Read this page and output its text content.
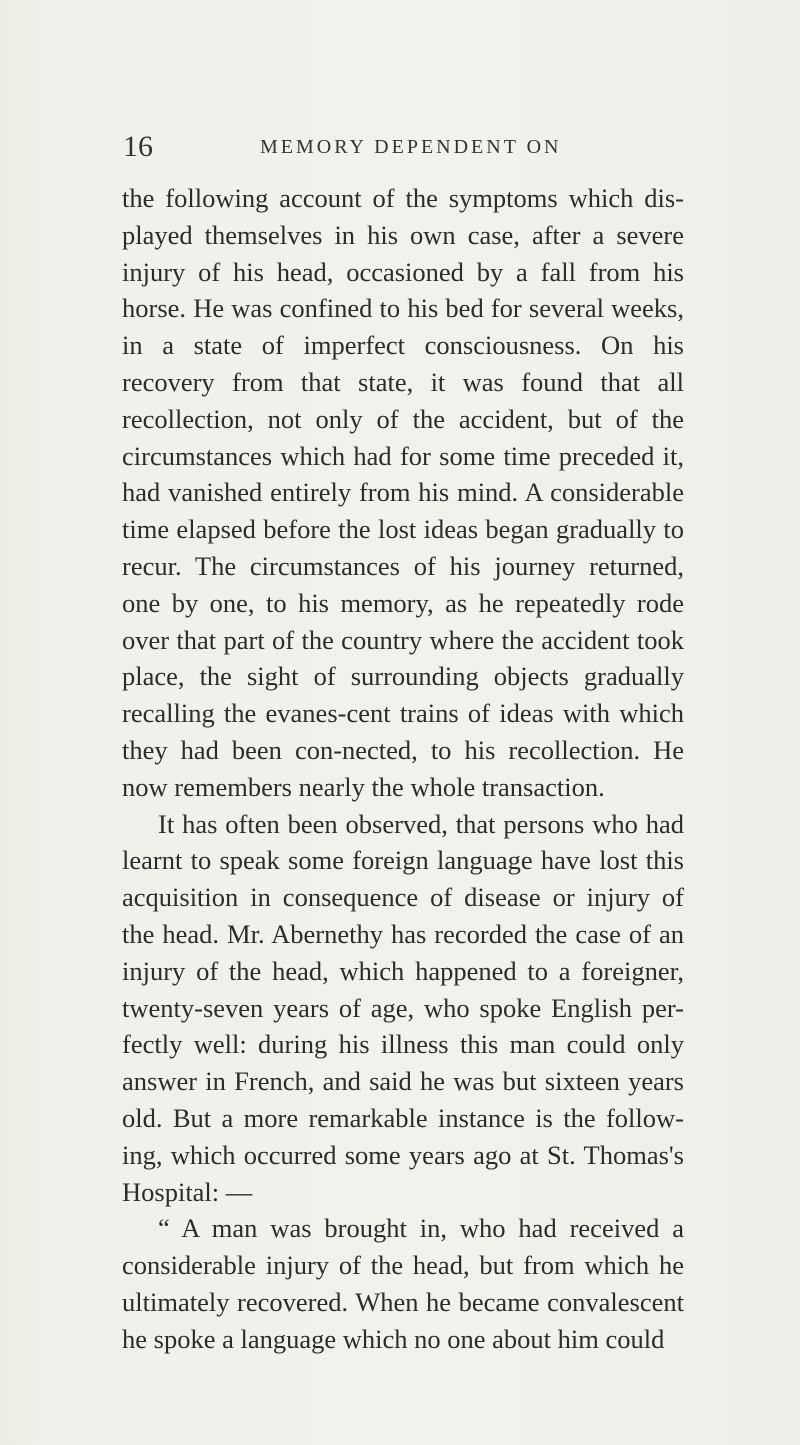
16	MEMORY DEPENDENT ON

the following account of the symptoms which dis-played themselves in his own case, after a severe injury of his head, occasioned by a fall from his horse. He was confined to his bed for several weeks, in a state of imperfect consciousness. On his recovery from that state, it was found that all recollection, not only of the accident, but of the circumstances which had for some time preceded it, had vanished entirely from his mind. A considerable time elapsed before the lost ideas began gradually to recur. The circumstances of his journey returned, one by one, to his memory, as he repeatedly rode over that part of the country where the accident took place, the sight of surrounding objects gradually recalling the evanes-cent trains of ideas with which they had been con-nected, to his recollection. He now remembers nearly the whole transaction.

It has often been observed, that persons who had learnt to speak some foreign language have lost this acquisition in consequence of disease or injury of the head. Mr. Abernethy has recorded the case of an injury of the head, which happened to a foreigner, twenty-seven years of age, who spoke English per-fectly well: during his illness this man could only answer in French, and said he was but sixteen years old. But a more remarkable instance is the follow-ing, which occurred some years ago at St. Thomas's Hospital: —

“ A man was brought in, who had received a considerable injury of the head, but from which he ultimately recovered. When he became convalescent he spoke a language which no one about him could
